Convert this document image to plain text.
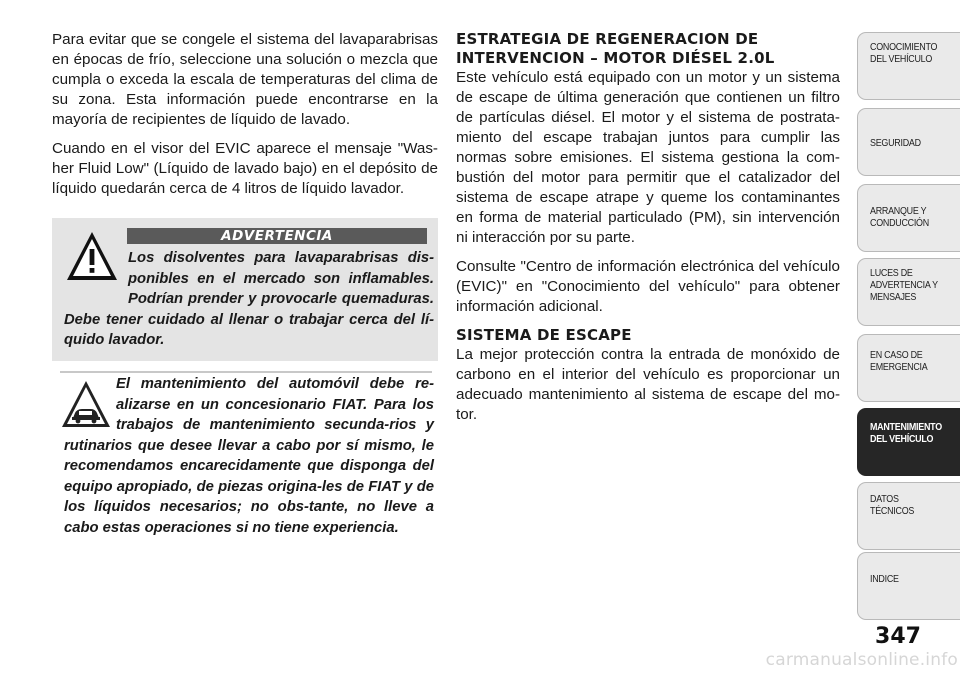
Para evitar que se congele el sistema del lavaparabrisas en épocas de frío, seleccione una solución o mezcla que cumpla o exceda la escala de temperaturas del clima de su zona. Esta información puede encontrarse en la mayoría de recipientes de líquido de lavado.

Cuando en el visor del EVIC aparece el mensaje "Was-her Fluid Low" (Líquido de lavado bajo) en el depósito de líquido quedarán cerca de 4 litros de líquido lavador.

ADVERTENCIA

Los disolventes para lavaparabrisas dis-ponibles en el mercado son inflamables. Podrían prender y provocarle quemaduras. Debe tener cuidado al llenar o trabajar cerca del lí-quido lavador.

El mantenimiento del automóvil debe re-alizarse en un concesionario FIAT. Para los trabajos de mantenimiento secunda-rios y rutinarios que desee llevar a cabo por sí mismo, le recomendamos encarecidamente que disponga del equipo apropiado, de piezas origina-les de FIAT y de los líquidos necesarios; no obs-tante, no lleve a cabo estas operaciones si no tiene experiencia.

ESTRATEGIA DE REGENERACION DE INTERVENCION – MOTOR DIÉSEL 2.0L

Este vehículo está equipado con un motor y un sistema de escape de última generación que contienen un filtro de partículas diésel. El motor y el sistema de postrata-miento del escape trabajan juntos para cumplir las normas sobre emisiones. El sistema gestiona la com-bustión del motor para permitir que el catalizador del sistema de escape atrape y queme los contaminantes en forma de material particulado (PM), sin intervención ni interacción por su parte.

Consulte "Centro de información electrónica del vehículo (EVIC)" en "Conocimiento del vehículo" para obtener información adicional.

SISTEMA DE ESCAPE

La mejor protección contra la entrada de monóxido de carbono en el interior del vehículo es proporcionar un adecuado mantenimiento al sistema de escape del mo-tor.

CONOCIMIENTO
DEL VEHÍCULO
SEGURIDAD
ARRANQUE Y
CONDUCCIÓN
LUCES DE
ADVERTENCIA Y
MENSAJES
EN CASO DE
EMERGENCIA
MANTENIMIENTO
DEL VEHÍCULO
DATOS
TÉCNICOS
INDICE
347
carmanualsonline.info
